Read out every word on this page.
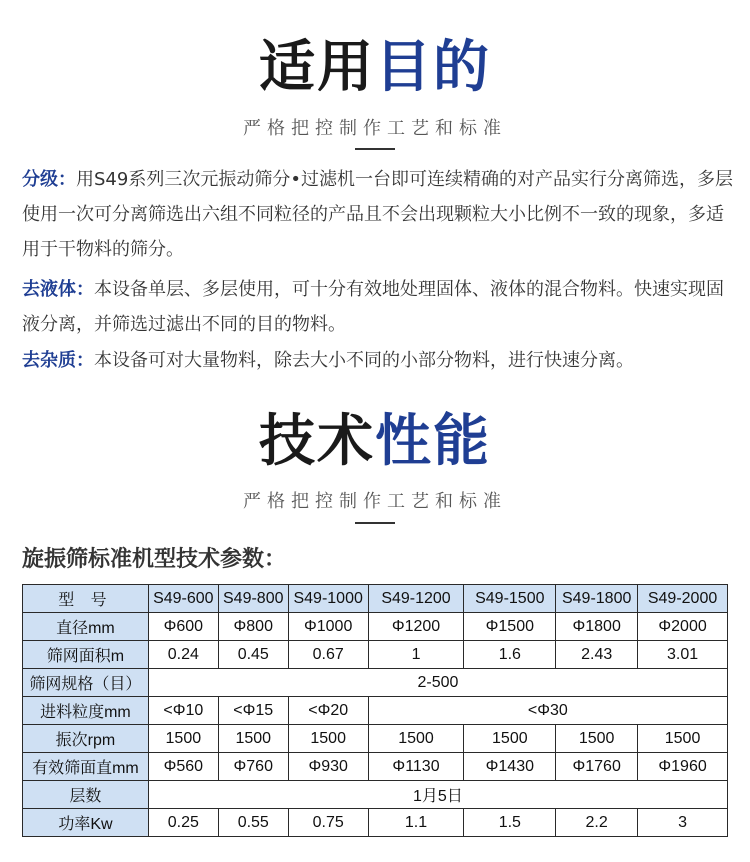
适用目的
严格把控制作工艺和标准
分级：用S49系列三次元振动筛分•过滤机一台即可连续精确的对产品实行分离筛选，多层使用一次可分离筛选出六组不同粒径的产品且不会出现颗粒大小比例不一致的现象，多适用于干物料的筛分。
去液体：本设备单层、多层使用，可十分有效地处理固体、液体的混合物料。快速实现固液分离，并筛选过滤出不同的目的物料。
去杂质：本设备可对大量物料，除去大小不同的小部分物料，进行快速分离。
技术性能
严格把控制作工艺和标准
旋振筛标准机型技术参数：
型 号	S49-600	S49-800	S49-1000	S49-1200	S49-1500	S49-1800	S49-2000
直径mm	Φ600	Φ800	Φ1000	Φ1200	Φ1500	Φ1800	Φ2000
筛网面积m	0.24	0.45	0.67	1	1.6	2.43	3.01
筛网规格（目）	2-500						
进料粒度mm	<Φ10	<Φ15	<Φ20	<Φ30			
振次rpm	1500	1500	1500	1500	1500	1500	1500
有效筛面直mm	Φ560	Φ760	Φ930	Φ1130	Φ1430	Φ1760	Φ1960
层数	1月5日						
功率Kw	0.25	0.55	0.75	1.1	1.5	2.2	3
